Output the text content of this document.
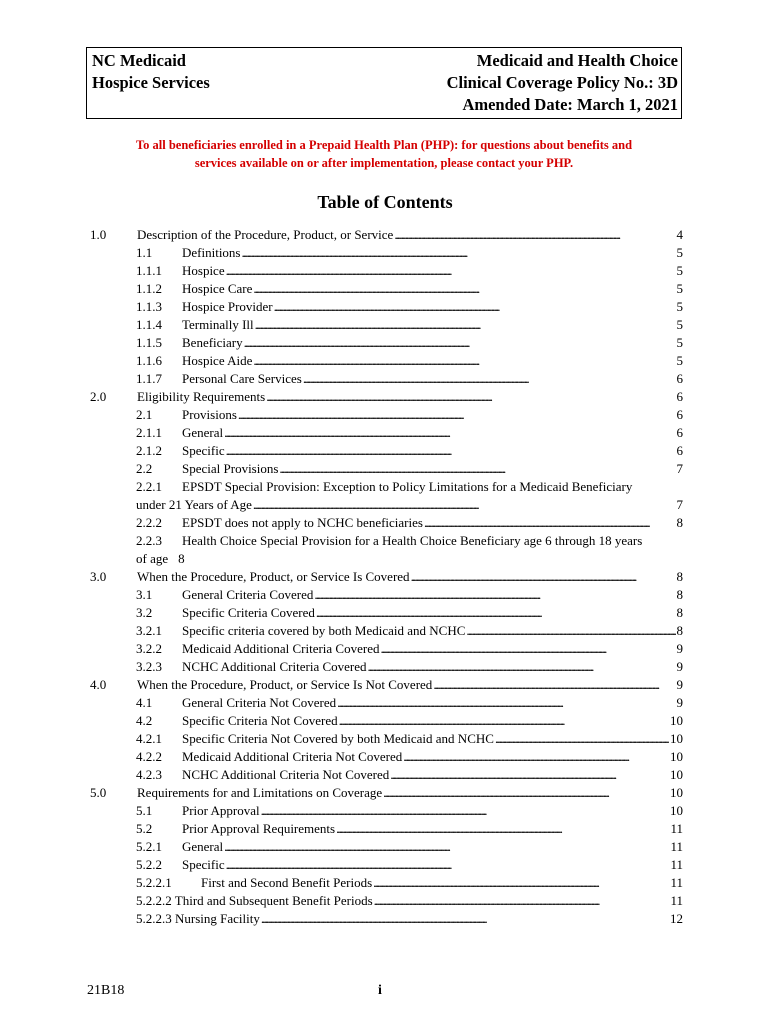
NC Medicaid
Hospice Services
Medicaid and Health Choice
Clinical Coverage Policy No.: 3D
Amended Date: March 1, 2021
To all beneficiaries enrolled in a Prepaid Health Plan (PHP): for questions about benefits and
services available on or after implementation, please contact your PHP.
Table of Contents
1.0 Description of the Procedure, Product, or Service . . .	4
1.1 Definitions . . .	5
1.1.1 Hospice . . .	5
1.1.2 Hospice Care . . .	5
1.1.3 Hospice Provider . . .	5
1.1.4 Terminally Ill . . .	5
1.1.5 Beneficiary . . .	5
1.1.6 Hospice Aide . . .	5
1.1.7 Personal Care Services . . .	6
2.0 Eligibility Requirements . . .	6
2.1 Provisions . . .	6
2.1.1 General . . .	6
2.1.2 Specific . . .	6
2.2 Special Provisions . . .	7
2.2.1 EPSDT Special Provision: Exception to Policy Limitations for a Medicaid Beneficiary
under 21 Years of Age . . .	7
2.2.2 EPSDT does not apply to NCHC beneficiaries . . .	8
2.2.3 Health Choice Special Provision for a Health Choice Beneficiary age 6 through 18 years
of age 8
3.0 When the Procedure, Product, or Service Is Covered . . .	8
3.1 General Criteria Covered . . .	8
3.2 Specific Criteria Covered . . .	8
3.2.1 Specific criteria covered by both Medicaid and NCHC . . .	8
3.2.2 Medicaid Additional Criteria Covered . . .	9
3.2.3 NCHC Additional Criteria Covered . . .	9
4.0 When the Procedure, Product, or Service Is Not Covered . . .	9
4.1 General Criteria Not Covered . . .	9
4.2 Specific Criteria Not Covered . . .	10
4.2.1 Specific Criteria Not Covered by both Medicaid and NCHC . . .	10
4.2.2 Medicaid Additional Criteria Not Covered . . .	10
4.2.3 NCHC Additional Criteria Not Covered . . .	10
5.0 Requirements for and Limitations on Coverage . . .	10
5.1 Prior Approval . . .	10
5.2 Prior Approval Requirements . . .	11
5.2.1 General . . .	11
5.2.2 Specific . . .	11
5.2.2.1 First and Second Benefit Periods . . .	11
5.2.2.2 Third and Subsequent Benefit Periods . . .	11
5.2.2.3 Nursing Facility . . .	12
21B18	i
